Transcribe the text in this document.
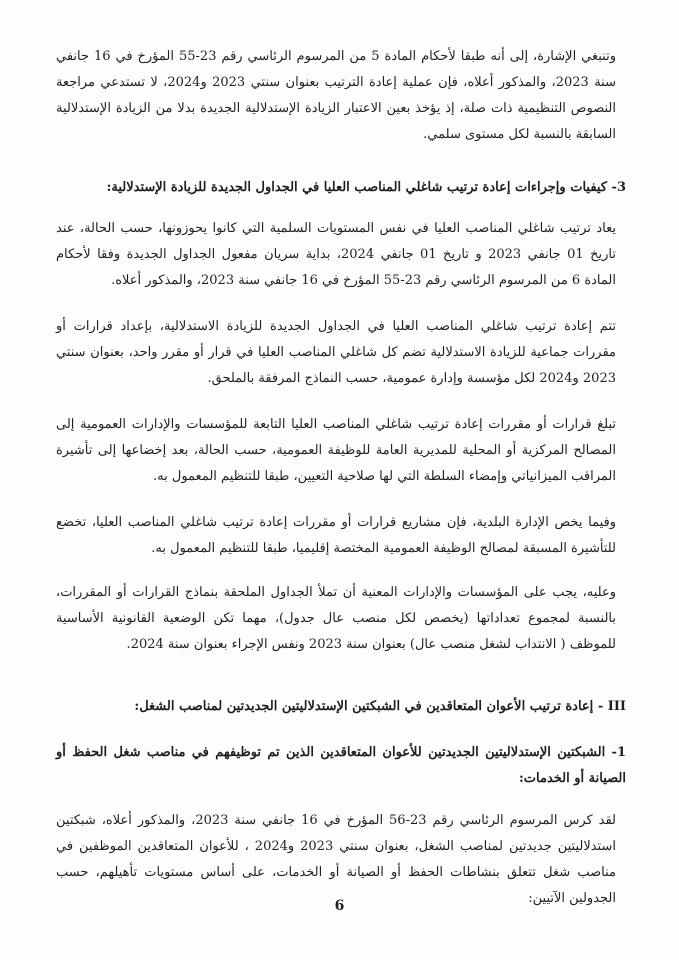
وتنبغي الإشارة، إلى أنه طبقا لأحكام المادة 5 من المرسوم الرئاسي رقم 23-55 المؤرخ في 16 جانفي سنة 2023، والمذكور أعلاه، فإن عملية إعادة الترتيب بعنوان سنتي 2023 و2024، لا تستدعي مراجعة النصوص التنظيمية ذات صلة، إذ يؤخذ بعين الاعتبار الزيادة الإستدلالية الجديدة بدلا من الزيادة الإستدلالية السابقة بالنسبة لكل مستوى سلمي.

3- كيفيات وإجراءات إعادة ترتيب شاغلي المناصب العليا في الجداول الجديدة للزيادة الإستدلالية:

يعاد ترتيب شاغلي المناصب العليا في نفس المستويات السلمية التي كانوا يحوزونها، حسب الحالة، عند تاريخ 01 جانفي 2023 و تاريخ 01 جانفي 2024، بداية سريان مفعول الجداول الجديدة وفقا لأحكام المادة 6 من المرسوم الرئاسي رقم 23-55 المؤرخ في 16 جانفي سنة 2023، والمذكور أعلاه.

تتم إعادة ترتيب شاغلي المناصب العليا في الجداول الجديدة للزيادة الاستدلالية، بإعداد قرارات أو مقررات جماعية للزيادة الاستدلالية تضم كل شاغلي المناصب العليا في قرار أو مقرر واحد، بعنوان سنتي 2023 و2024 لكل مؤسسة وإدارة عمومية، حسب النماذج المرفقة بالملحق.

تبلغ قرارات أو مقررات إعادة ترتيب شاغلي المناصب العليا التابعة للمؤسسات والإدارات العمومية إلى المصالح المركزية أو المحلية للمديرية العامة للوظيفة العمومية، حسب الحالة، بعد إخضاعها إلى تأشيرة المراقب الميزانياتي وإمضاء السلطة التي لها صلاحية التعيين، طبقا للتنظيم المعمول به.

وفيما يخص الإدارة البلدية، فإن مشاريع قرارات أو مقررات إعادة ترتيب شاغلي المناصب العليا، تخضع للتأشيرة المسبقة لمصالح الوظيفة العمومية المختصة إقليميا، طبقا للتنظيم المعمول به.

وعليه، يجب على المؤسسات والإدارات المعنية أن تملأ الجداول الملحقة بنماذج القرارات أو المقررات، بالنسبة لمجموع تعداداتها (يخصص لكل منصب عال جدول)، مهما تكن الوضعية القانونية الأساسية للموظف ( الانتداب لشغل منصب عال) بعنوان سنة 2023 ونفس الإجراء بعنوان سنة 2024.

III - إعادة ترتيب الأعوان المتعاقدين في الشبكتين الإستدلاليتين الجديدتين لمناصب الشغل:

1- الشبكتين الإستدلاليتين الجديدتين للأعوان المتعاقدين الذين تم توظيفهم في مناصب شغل الحفظ أو الصيانة أو الخدمات:

لقد كرس المرسوم الرئاسي رقم 23-56 المؤرخ في 16 جانفي سنة 2023، والمذكور أعلاه، شبكتين استدلاليتين جديدتين لمناصب الشغل، بعنوان سنتي 2023 و2024 ، للأعوان المتعاقدين الموظفين في مناصب شغل تتعلق بنشاطات الحفظ أو الصيانة أو الخدمات، على أساس مستويات تأهيلهم، حسب الجدولين الآتيين:

6
